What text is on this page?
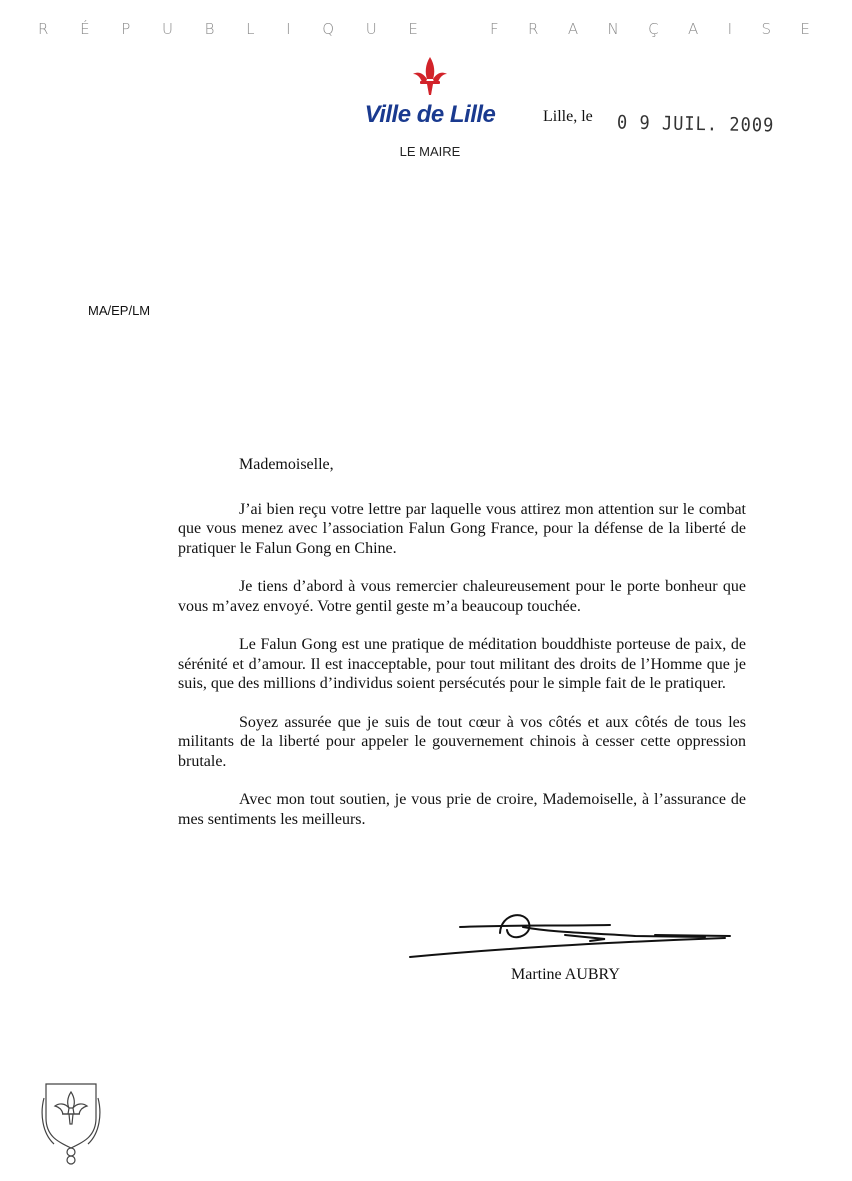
R É P U B L I Q U E	F R A N Ç A I S E
Ville de Lille
LE MAIRE
Lille, le 0 9 JUIL. 2009
MA/EP/LM

Mademoiselle,

J’ai bien reçu votre lettre par laquelle vous attirez mon attention sur le combat que vous menez avec l’association Falun Gong France, pour la défense de la liberté de pratiquer le Falun Gong en Chine.

Je tiens d’abord à vous remercier chaleureusement pour le porte bonheur que vous m’avez envoyé. Votre gentil geste m’a beaucoup touchée.

Le Falun Gong est une pratique de méditation bouddhiste porteuse de paix, de sérénité et d’amour. Il est inacceptable, pour tout militant des droits de l’Homme que je suis, que des millions d’individus soient persécutés pour le simple fait de le pratiquer.

Soyez assurée que je suis de tout cœur à vos côtés et aux côtés de tous les militants de la liberté pour appeler le gouvernement chinois à cesser cette oppression brutale.

Avec mon tout soutien, je vous prie de croire, Mademoiselle, à l’assurance de mes sentiments les meilleurs.

Martine AUBRY
